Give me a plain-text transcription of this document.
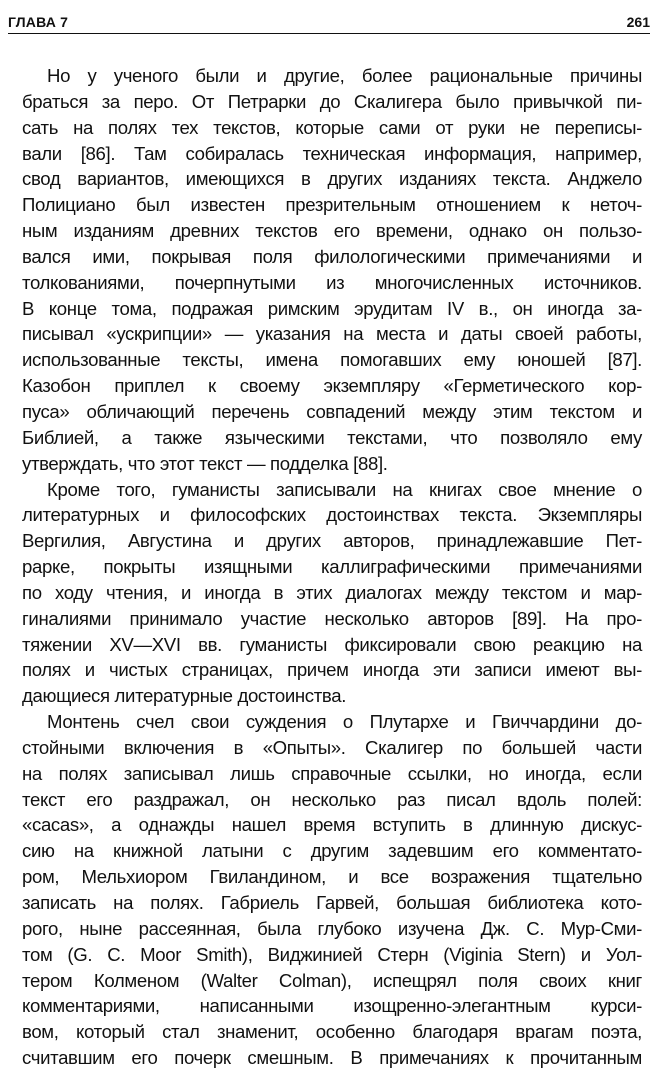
ГЛАВА 7	261
Но у ученого были и другие, более рациональные причины
браться за перо. От Петрарки до Скалигера было привычкой пи-
сать на полях тех текстов, которые сами от руки не переписы-
вали [86]. Там собиралась техническая информация, например,
свод вариантов, имеющихся в других изданиях текста. Анджело
Полициано был известен презрительным отношением к неточ-
ным изданиям древних текстов его времени, однако он пользо-
вался ими, покрывая поля филологическими примечаниями и
толкованиями, почерпнутыми из многочисленных источников.
В конце тома, подражая римским эрудитам IV в., он иногда за-
писывал «ускрипции» — указания на места и даты своей работы,
использованные тексты, имена помогавших ему юношей [87].
Казобон приплел к своему экземпляру «Герметического кор-
пуса» обличающий перечень совпадений между этим текстом и
Библией, а также языческими текстами, что позволяло ему
утверждать, что этот текст — подделка [88].
Кроме того, гуманисты записывали на книгах свое мнение о
литературных и философских достоинствах текста. Экземпляры
Вергилия, Августина и других авторов, принадлежавшие Пет-
рарке, покрыты изящными каллиграфическими примечаниями
по ходу чтения, и иногда в этих диалогах между текстом и мар-
гиналиями принимало участие несколько авторов [89]. На про-
тяжении XV—XVI вв. гуманисты фиксировали свою реакцию на
полях и чистых страницах, причем иногда эти записи имеют вы-
дающиеся литературные достоинства.
Монтень счел свои суждения о Плутархе и Гвиччардини до-
стойными включения в «Опыты». Скалигер по большей части
на полях записывал лишь справочные ссылки, но иногда, если
текст его раздражал, он несколько раз писал вдоль полей:
«cacas», а однажды нашел время вступить в длинную дискус-
сию на книжной латыни с другим задевшим его комментато-
ром, Мельхиором Гвиландином, и все возражения тщательно
записать на полях. Габриель Гарвей, большая библиотека кото-
рого, ныне рассеянная, была глубоко изучена Дж. С. Мур-Сми-
том (G. C. Moor Smith), Виджинией Стерн (Viginia Stern) и Уол-
тером Колменом (Walter Colman), испещрял поля своих книг
комментариями, написанными изощренно-элегантным курси-
вом, который стал знаменит, особенно благодаря врагам поэта,
считавшим его почерк смешным. В примечаниях к прочитанным
